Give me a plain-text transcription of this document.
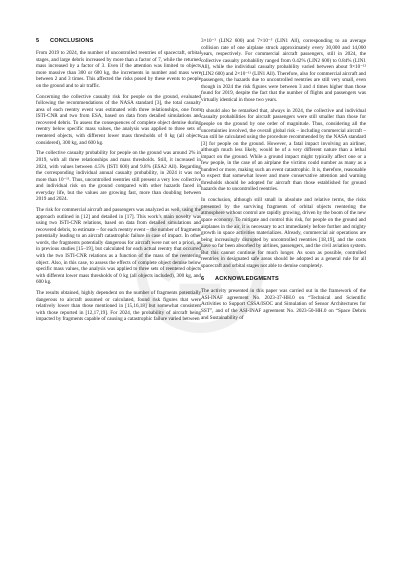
5 CONCLUSIONS

From 2019 to 2024, the number of uncontrolled reentries of spacecraft, orbital stages, and large debris increased by more than a factor of 7, while the returned mass increased by a factor of 3. Even if the attention was limited to objects more massive than 300 or 600 kg, the increments in number and mass were between 2 and 3 times. This affected the risks posed by these events to people on the ground and to air traffic.

Concerning the collective casualty risk for people on the ground, evaluated following the recommendations of the NASA standard [3], the total casualty area of each reentry event was estimated with three relationships, one from ISTI-CNR and two from ESA, based on data from detailed simulations and recovered debris. To assess the consequences of complete object demise during reentry below specific mass values, the analysis was applied to three sets of reentered objects, with different lower mass thresholds of 0 kg (all objects considered), 300 kg, and 600 kg.

The collective casualty probability for people on the ground was around 2% in 2019, with all three relationships and mass thresholds. Still, it increased in 2024, with values between 4.5% (ISTI 600) and 9.8% (ESA2 All). Regarding the corresponding individual annual casualty probability, in 2024 it was not more than 10⁻¹¹. Thus, uncontrolled reentries still present a very low collective and individual risk on the ground compared with other hazards faced in everyday life, but the values are growing fast, more than doubling between 2019 and 2024.

The risk for commercial aircraft and passengers was analyzed as well, using the approach outlined in [12] and detailed in [17]. This work’s main novelty was using two ISTI-CNR relations, based on data from detailed simulations and recovered debris, to estimate – for each reentry event – the number of fragments potentially leading to an aircraft catastrophic failure in case of impact. In other words, the fragments potentially dangerous for aircraft were not set a priori, as in previous studies [15–19], but calculated for each actual reentry that occurred with the two ISTI-CNR relations as a function of the mass of the reentering object. Also, in this case, to assess the effects of complete object demise below specific mass values, the analysis was applied to three sets of reentered objects with different lower mass thresholds of 0 kg (all objects included), 300 kg, and 600 kg.

The results obtained, highly dependent on the number of fragments potentially dangerous to aircraft assumed or calculated, found risk figures that were relatively lower than those mentioned in [15,16,18] but somewhat consistent with those reported in [12,17,19]. For 2024, the probability of aircraft being impacted by fragments capable of causing a catastrophic failure varied between

3×10⁻⁵ (LIN2 600) and 7×10⁻⁵ (LIN1 All), corresponding to an average collision rate of one airplane struck approximately every 30,000 and 14,000 years, respectively. For commercial aircraft passengers, still in 2024, the collective casualty probability ranged from 0.42% (LIN2 600) to 0.84% (LIN1 All), while the individual casualty probability varied between about 9×10⁻¹² (LIN2 600) and 2×10⁻¹¹ (LIN1 All). Therefore, also for commercial aircraft and passengers, the hazards due to uncontrolled reentries are still very small, even though in 2024 the risk figures were between 3 and 4 times higher than those found for 2019, despite the fact that the number of flights and passengers was virtually identical in those two years.

It should also be remarked that, always in 2024, the collective and individual casualty probabilities for aircraft passengers were still smaller than those for people on the ground by one order of magnitude. Thus, considering all the uncertainties involved, the overall global risk – including commercial aircraft – can still be calculated using the procedure recommended by the NASA standard [3] for people on the ground. However, a fatal impact involving an airliner, although much less likely, would be of a very different nature than a lethal impact on the ground. While a ground impact might typically affect one or a few people, in the case of an airplane the victims could number as many as a hundred or more, making such an event catastrophic. It is, therefore, reasonable to expect that somewhat lower and more conservative attention and warning thresholds should be adopted for aircraft than those established for ground hazards due to uncontrolled reentries.

In conclusion, although still small in absolute and relative terms, the risks presented by the surviving fragments of orbital objects reentering the atmosphere without control are rapidly growing, driven by the boom of the new space economy. To mitigate and control this risk, for people on the ground and airplanes in the air, it is necessary to act immediately before further and mighty growth in space activities materializes. Already, commercial air operations are being increasingly disrupted by uncontrolled reentries [18,19], and the costs have so far been absorbed by airlines, passengers, and the civil aviation system. But this cannot continue for much longer. As soon as possible, controlled reentries in designated safe areas should be adopted as a general rule for all spacecraft and orbital stages not able to demise completely.

6 ACKNOWLEDGMENTS

The activity presented in this paper was carried out in the framework of the ASI-INAF agreement No. 2023-37-HH.0 on “Technical and Scientific Activities to Support CSSA/ISOC and Simulation of Sensor Architectures for SST”, and of the ASI-INAF agreement No. 2023-50-HH.0 on “Space Debris and Sustainability of
